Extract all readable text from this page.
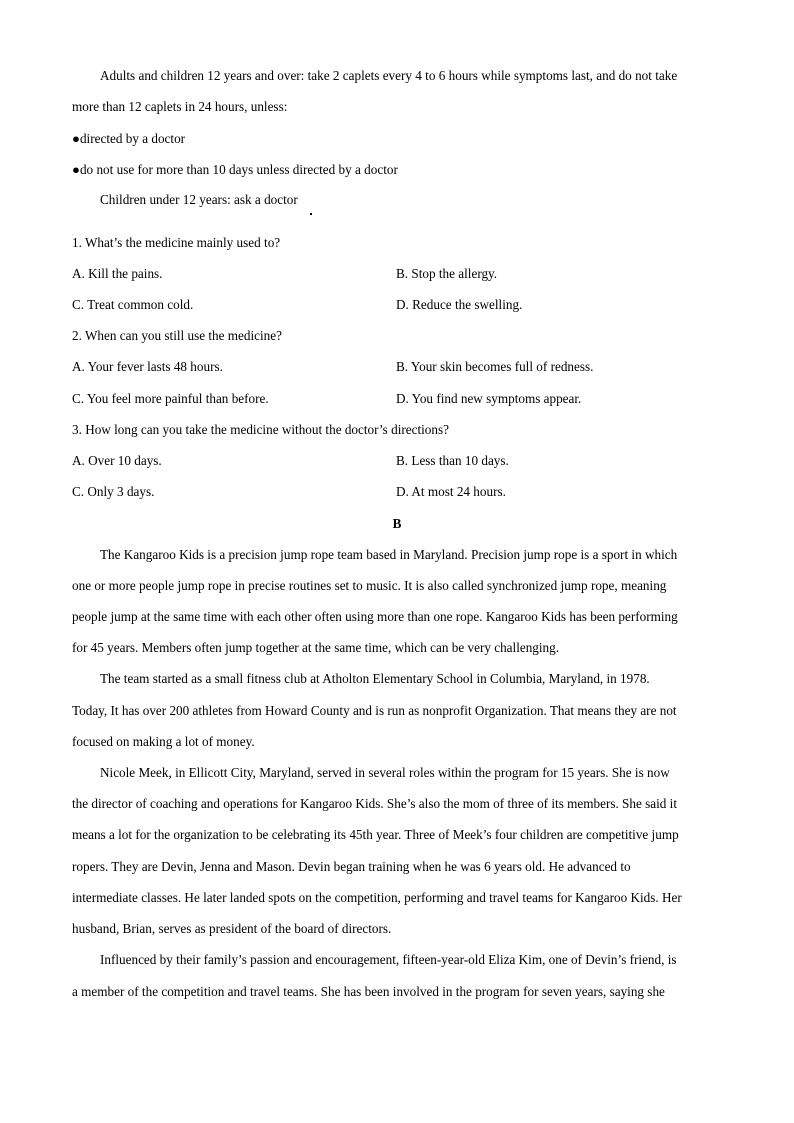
Adults and children 12 years and over: take 2 caplets every 4 to 6 hours while symptoms last, and do not take
more than 12 caplets in 24 hours, unless:
●directed by a doctor
●do not use for more than 10 days unless directed by a doctor
Children under 12 years: ask a doctor
1. What’s the medicine mainly used to?
A. Kill the pains.	B. Stop the allergy.
C. Treat common cold.	D. Reduce the swelling.
2. When can you still use the medicine?
A. Your fever lasts 48 hours.	B. Your skin becomes full of redness.
C. You feel more painful than before.	D. You find new symptoms appear.
3. How long can you take the medicine without the doctor’s directions?
A. Over 10 days.	B. Less than 10 days.
C. Only 3 days.	D. At most 24 hours.
B
The Kangaroo Kids is a precision jump rope team based in Maryland. Precision jump rope is a sport in which
one or more people jump rope in precise routines set to music. It is also called synchronized jump rope, meaning
people jump at the same time with each other often using more than one rope. Kangaroo Kids has been performing
for 45 years. Members often jump together at the same time, which can be very challenging.
The team started as a small fitness club at Atholton Elementary School in Columbia, Maryland, in 1978.
Today, It has over 200 athletes from Howard County and is run as nonprofit Organization. That means they are not
focused on making a lot of money.
Nicole Meek, in Ellicott City, Maryland, served in several roles within the program for 15 years. She is now
the director of coaching and operations for Kangaroo Kids. She’s also the mom of three of its members. She said it
means a lot for the organization to be celebrating its 45th year. Three of Meek’s four children are competitive jump
ropers. They are Devin, Jenna and Mason. Devin began training when he was 6 years old. He advanced to
intermediate classes. He later landed spots on the competition, performing and travel teams for Kangaroo Kids. Her
husband, Brian, serves as president of the board of directors.
Influenced by their family’s passion and encouragement, fifteen-year-old Eliza Kim, one of Devin’s friend, is
a member of the competition and travel teams. She has been involved in the program for seven years, saying she
